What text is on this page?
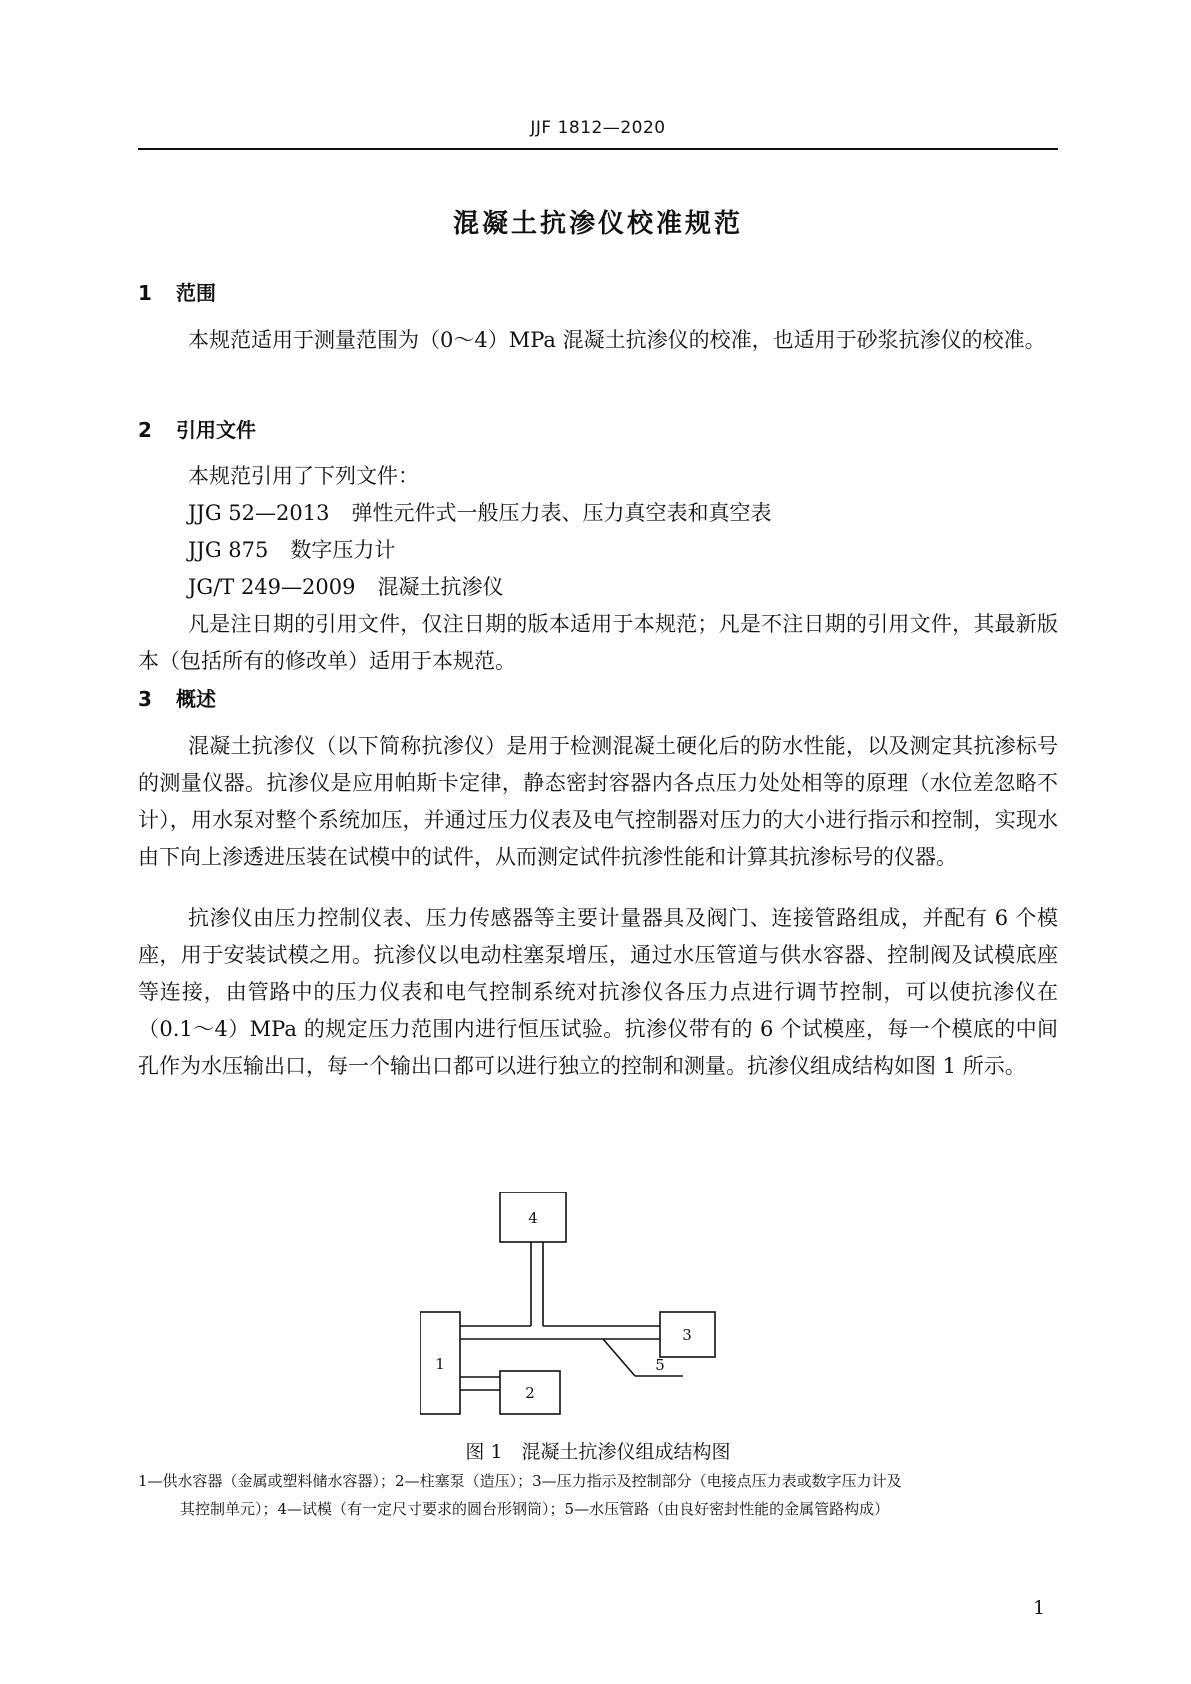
JJF 1812—2020
混凝土抗渗仪校准规范
1 范围
本规范适用于测量范围为（0～4）MPa 混凝土抗渗仪的校准，也适用于砂浆抗渗仪的校准。
2 引用文件
本规范引用了下列文件：
JJG 52—2013 弹性元件式一般压力表、压力真空表和真空表
JJG 875 数字压力计
JG/T 249—2009 混凝土抗渗仪
凡是注日期的引用文件，仅注日期的版本适用于本规范；凡是不注日期的引用文件，其最新版本（包括所有的修改单）适用于本规范。
3 概述
混凝土抗渗仪（以下简称抗渗仪）是用于检测混凝土硬化后的防水性能，以及测定其抗渗标号的测量仪器。抗渗仪是应用帕斯卡定律，静态密封容器内各点压力处处相等的原理（水位差忽略不计），用水泵对整个系统加压，并通过压力仪表及电气控制器对压力的大小进行指示和控制，实现水由下向上渗透进压装在试模中的试件，从而测定试件抗渗性能和计算其抗渗标号的仪器。
抗渗仪由压力控制仪表、压力传感器等主要计量器具及阀门、连接管路组成，并配有 6 个模座，用于安装试模之用。抗渗仪以电动柱塞泵增压，通过水压管道与供水容器、控制阀及试模底座等连接，由管路中的压力仪表和电气控制系统对抗渗仪各压力点进行调节控制，可以使抗渗仪在（0.1～4）MPa 的规定压力范围内进行恒压试验。抗渗仪带有的 6 个试模座，每一个模底的中间孔作为水压输出口，每一个输出口都可以进行独立的控制和测量。抗渗仪组成结构如图 1 所示。
4
3
1
2
5
图 1　混凝土抗渗仪组成结构图
1—供水容器（金属或塑料储水容器）；2—柱塞泵（造压）；3—压力指示及控制部分（电接点压力表或数字压力计及
其控制单元）；4—试模（有一定尺寸要求的圆台形钢筒）；5—水压管路（由良好密封性能的金属管路构成）
1
